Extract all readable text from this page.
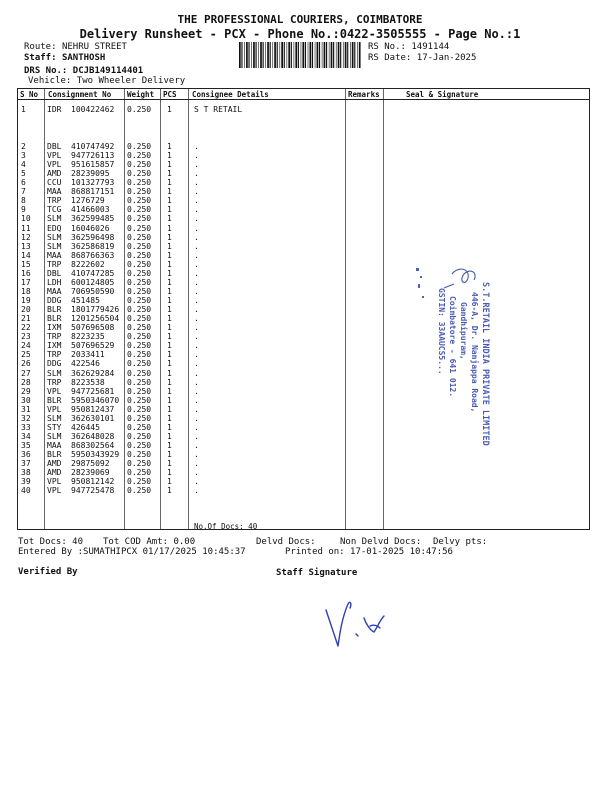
THE PROFESSIONAL COURIERS, COIMBATORE
Delivery Runsheet - PCX - Phone No.:0422-3505555 - Page No.:1
Route: NEHRU STREET
Staff: SANTHOSH
DRS No.: DCJB149114401
Vehicle: Two Wheeler Delivery
RS No.: 1491144
RS Date: 17-Jan-2025
S No Consignment No Weight PCS Consignee Details	Remarks	Seal & Signature
1	IDR 100422462 0.250 1	S T RETAIL
2	DBL 410747492 0.250 1	.
3	VPL 947726113 0.250 1	.
4	VPL 951615857 0.250 1	.
5	AMD 28239095 0.250 1	.
6	CCU 101327793 0.250 1	.
7	MAA 868817151 0.250 1	.
8	TRP 1276729	0.250 1	.
9	TCG 41466003 0.250 1	.
10 SLM 362599485 0.250 1	.
11 EDQ 16046026 0.250 1	.
12 SLM 362596498 0.250 1	.
13 SLM 362586819 0.250 1	.
14 MAA 868766363 0.250 1	.
15 TRP 8222602	0.250 1	.
16 DBL 410747285 0.250 1	.
17 LDH 600124805 0.250 1	.
18 MAA 706950590 0.250 1	.
19 DDG 451485	0.250 1	.
20 BLR 1801779426 0.250 1	.
21 BLR 1201256504 0.250 1	.
22 IXM 507696508 0.250 1	.
23 TRP 8223235	0.250 1	.
24 IXM 507696529 0.250 1	.
25 TRP 2033411	0.250 1	.
26 DDG 422546	0.250 1	.
27 SLM 362629284 0.250 1	.
28 TRP 8223538	0.250 1	.
29 VPL 947725681 0.250 1	.
30 BLR 5950346070 0.250 1	.
31 VPL 950812437 0.250 1	.
32 SLM 362630101 0.250 1	.
33 STY 426445	0.250 1	.
34 SLM 362648028 0.250 1	.
35 MAA 868302564 0.250 1	.
36 BLR 5950343929 0.250 1	.
37 AMD 29875092 0.250 1	.
38 AMD 28239069 0.250 1	.
39 VPL 950812142 0.250 1	.
40 VPL 947725478 0.250 1	.
No.Of Docs: 40
S.T.RETAIL INDIA PRIVATE LIMITED
446-A, Dr. Nanjappa Road,
Gandhipuram,
Coimbatore - 641 012.
GSTIN: 33AAUCS5...
Tot Docs: 40 Tot COD Amt: 0.00	Delvd Docs:	Non Delvd Docs: Delvy pts:
Entered By :SUMATHIPCX 01/17/2025 10:45:37	Printed on: 17-01-2025 10:47:56
Verified By	Staff Signature
